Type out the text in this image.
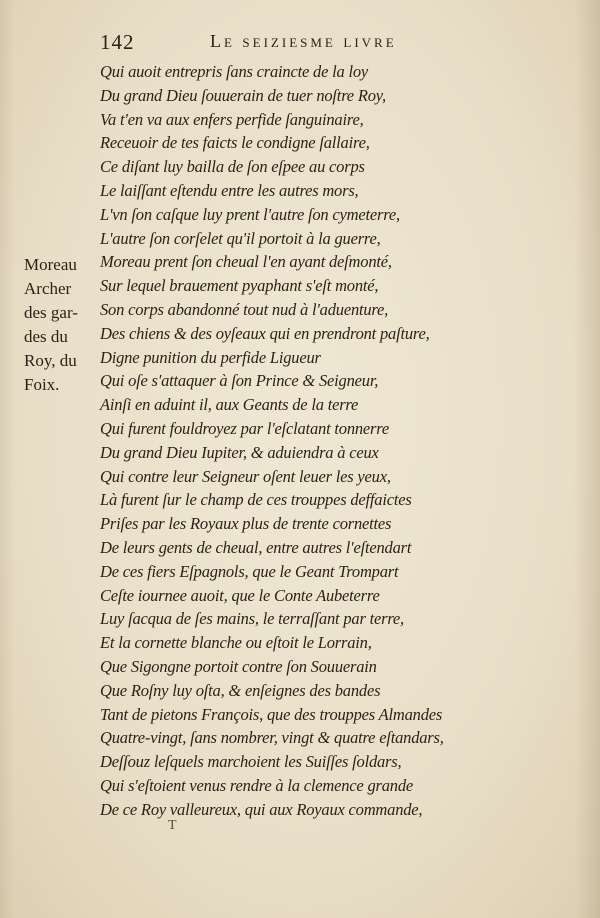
142	Le seiziesme livre
Qui auoit entrepris ſans craincte de la loy
Du grand Dieu ſouuerain de tuer noſtre Roy,
Va t'en va aux enfers perfide ſanguinaire,
Receuoir de tes faicts le condigne ſallaire,
Ce diſant luy bailla de ſon eſpee au corps
Le laiſſant eſtendu entre les autres mors,
L'vn ſon caſque luy prent l'autre ſon cymeterre,
L'autre ſon corſelet qu'il portoit à la guerre,
Moreau prent ſon cheual l'en ayant deſmonté,
Sur lequel brauement pyaphant s'eſt monté,
Son corps abandonné tout nud à l'aduenture,
Des chiens & des oyſeaux qui en prendront paſture,
Digne punition du perfide Ligueur
Qui oſe s'attaquer à ſon Prince & Seigneur,
Ainſi en aduint il, aux Geants de la terre
Qui furent fouldroyez par l'eſclatant tonnerre
Du grand Dieu Iupiter, & aduiendra à ceux
Qui contre leur Seigneur oſent leuer les yeux,
Là furent ſur le champ de ces trouppes deffaictes
Priſes par les Royaux plus de trente cornettes
De leurs gents de cheual, entre autres l'eſtendart
De ces fiers Eſpagnols, que le Geant Trompart
Ceſte iournee auoit, que le Conte Aubeterre
Luy ſacqua de ſes mains, le terraſſant par terre,
Et la cornette blanche ou eſtoit le Lorrain,
Que Sigongne portoit contre ſon Souuerain
Que Roſny luy oſta, & enſeignes des bandes
Tant de pietons François, que des trouppes Almandes
Quatre-vingt, ſans nombrer, vingt & quatre eſtandars,
Deſſouz leſquels marchoient les Suiſſes ſoldars,
Qui s'eſtoient venus rendre à la clemence grande
De ce Roy valleureux, qui aux Royaux commande,
Moreau
Archer
des gar-
des du
Roy, du
Foix.
T
